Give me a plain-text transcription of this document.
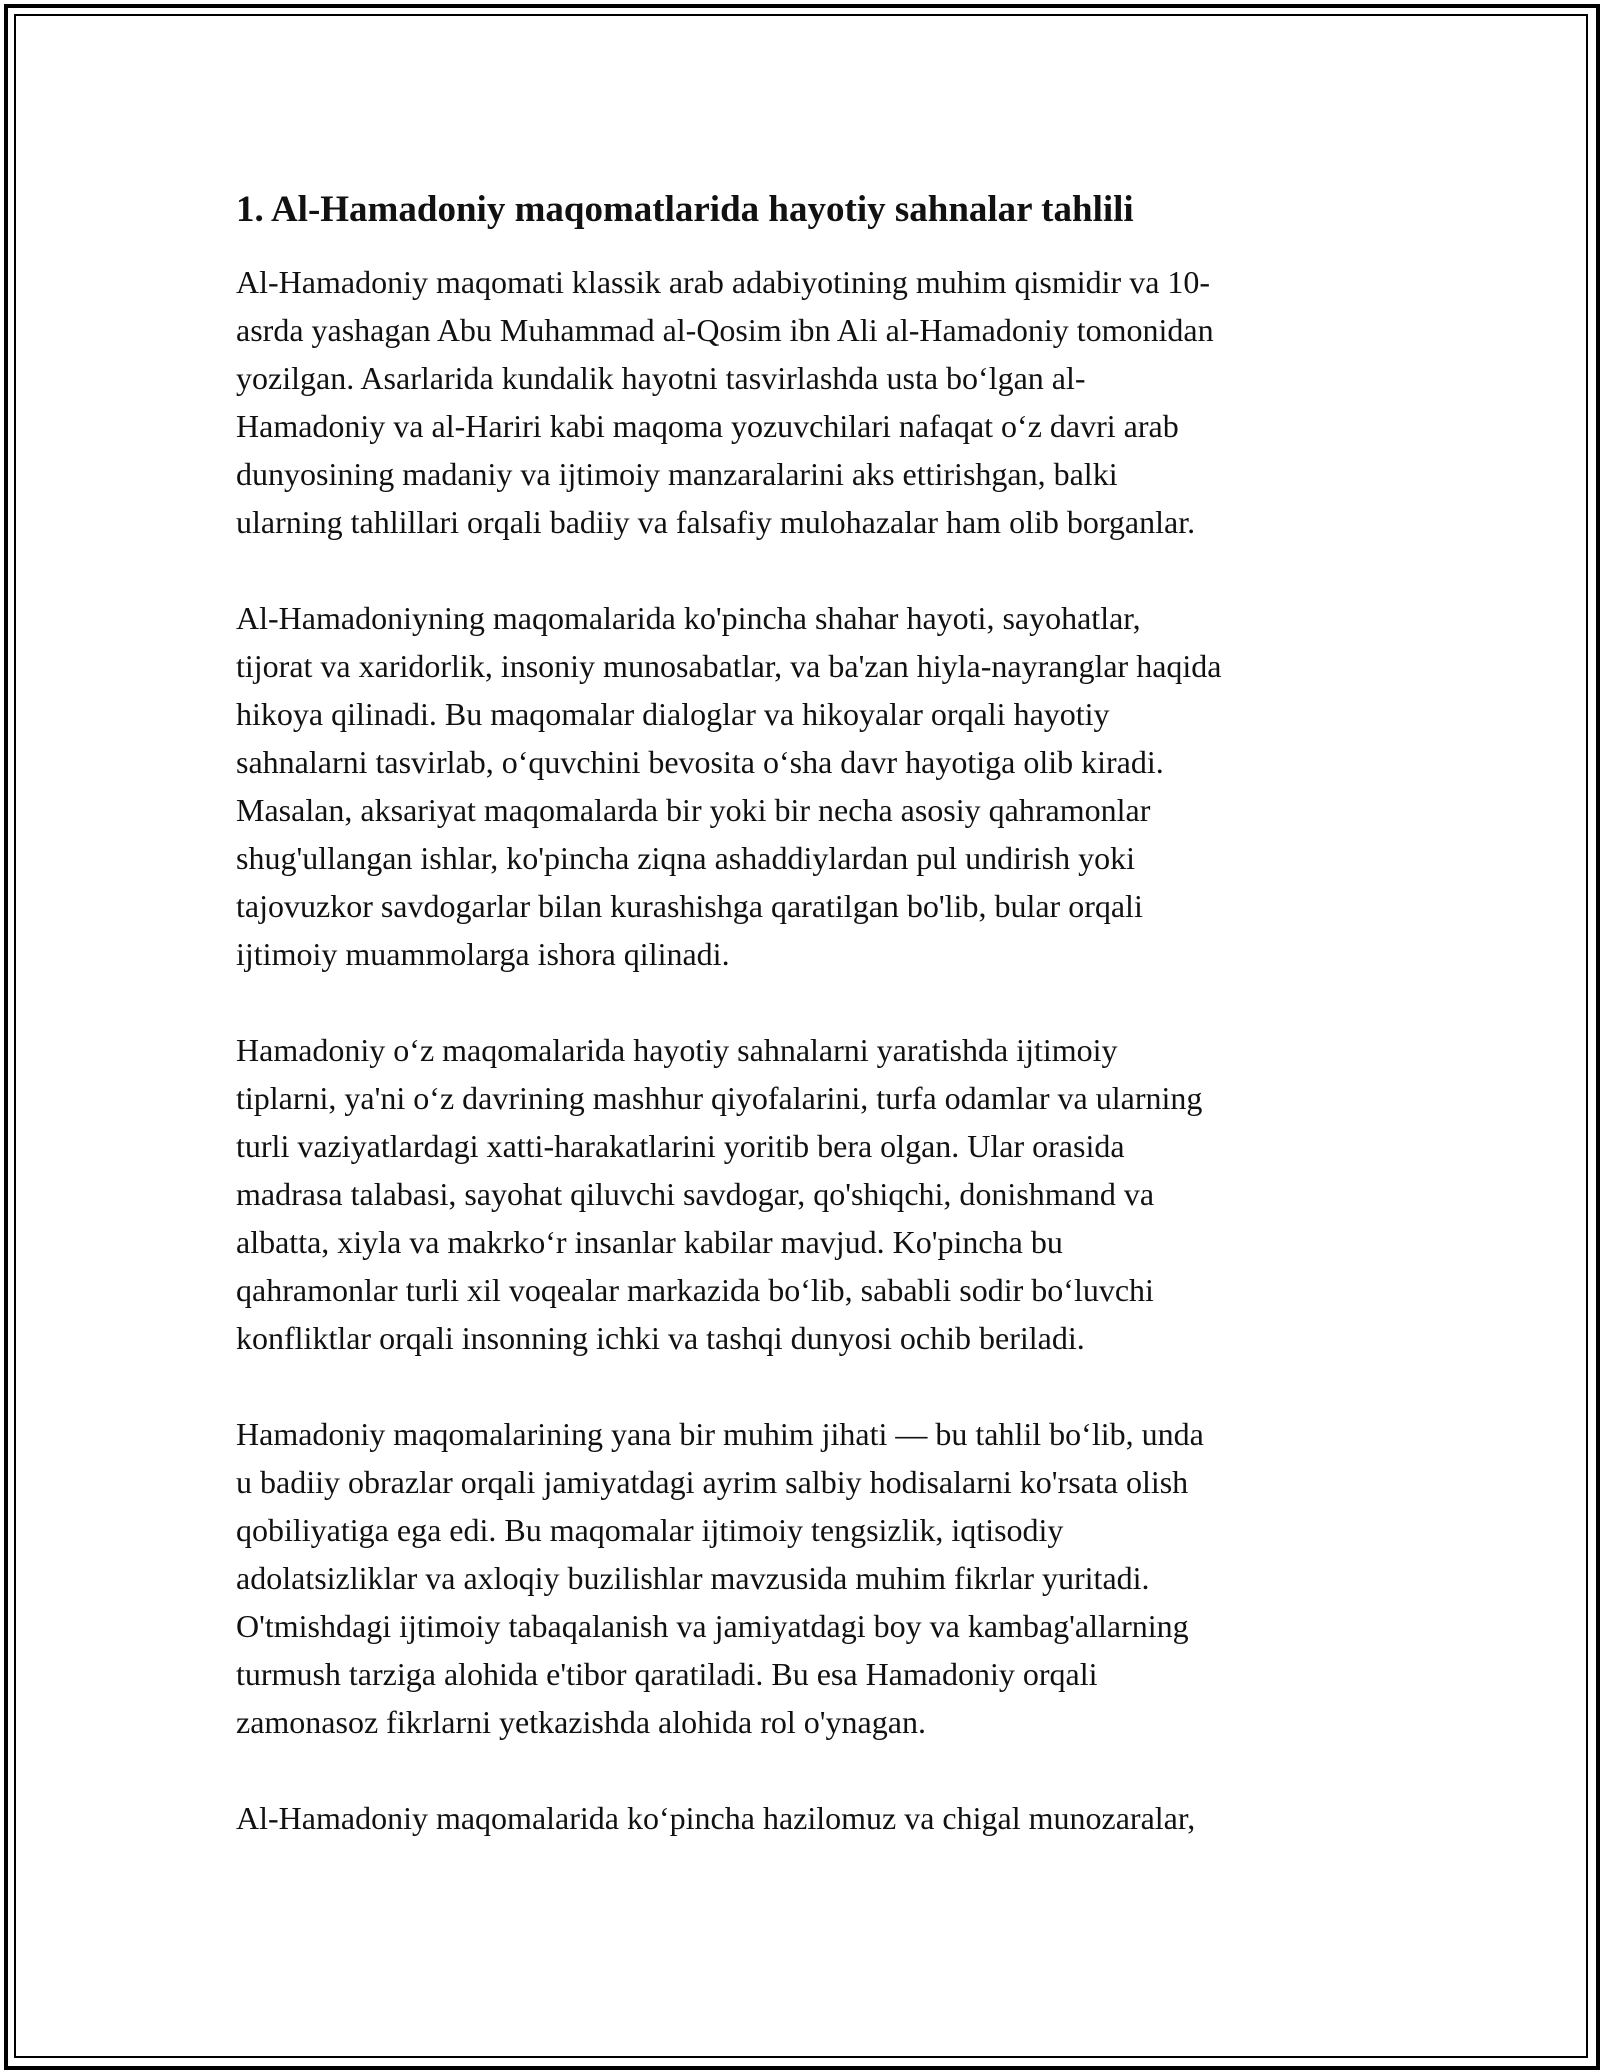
1. Al-Hamadoniy maqomatlarida hayotiy sahnalar tahlili

Al-Hamadoniy maqomati klassik arab adabiyotining muhim qismidir va 10-
asrda yashagan Abu Muhammad al-Qosim ibn Ali al-Hamadoniy tomonidan
yozilgan. Asarlarida kundalik hayotni tasvirlashda usta bo‘lgan al-
Hamadoniy va al-Hariri kabi maqoma yozuvchilari nafaqat o‘z davri arab
dunyosining madaniy va ijtimoiy manzaralarini aks ettirishgan, balki
ularning tahlillari orqali badiiy va falsafiy mulohazalar ham olib borganlar.

Al-Hamadoniyning maqomalarida ko'pincha shahar hayoti, sayohatlar,
tijorat va xaridorlik, insoniy munosabatlar, va ba'zan hiyla-nayranglar haqida
hikoya qilinadi. Bu maqomalar dialoglar va hikoyalar orqali hayotiy
sahnalarni tasvirlab, o‘quvchini bevosita o‘sha davr hayotiga olib kiradi.
Masalan, aksariyat maqomalarda bir yoki bir necha asosiy qahramonlar
shug'ullangan ishlar, ko'pincha ziqna ashaddiylardan pul undirish yoki
tajovuzkor savdogarlar bilan kurashishga qaratilgan bo'lib, bular orqali
ijtimoiy muammolarga ishora qilinadi.

Hamadoniy o‘z maqomalarida hayotiy sahnalarni yaratishda ijtimoiy
tiplarni, ya'ni o‘z davrining mashhur qiyofalarini, turfa odamlar va ularning
turli vaziyatlardagi xatti-harakatlarini yoritib bera olgan. Ular orasida
madrasa talabasi, sayohat qiluvchi savdogar, qo'shiqchi, donishmand va
albatta, xiyla va makrko‘r insanlar kabilar mavjud. Ko'pincha bu
qahramonlar turli xil voqealar markazida bo‘lib, sababli sodir bo‘luvchi
konfliktlar orqali insonning ichki va tashqi dunyosi ochib beriladi.

Hamadoniy maqomalarining yana bir muhim jihati — bu tahlil bo‘lib, unda
u badiiy obrazlar orqali jamiyatdagi ayrim salbiy hodisalarni ko'rsata olish
qobiliyatiga ega edi. Bu maqomalar ijtimoiy tengsizlik, iqtisodiy
adolatsizliklar va axloqiy buzilishlar mavzusida muhim fikrlar yuritadi.
O'tmishdagi ijtimoiy tabaqalanish va jamiyatdagi boy va kambag'allarning
turmush tarziga alohida e'tibor qaratiladi. Bu esa Hamadoniy orqali
zamonasoz fikrlarni yetkazishda alohida rol o'ynagan.

Al-Hamadoniy maqomalarida ko‘pincha hazilomuz va chigal munozaralar,
